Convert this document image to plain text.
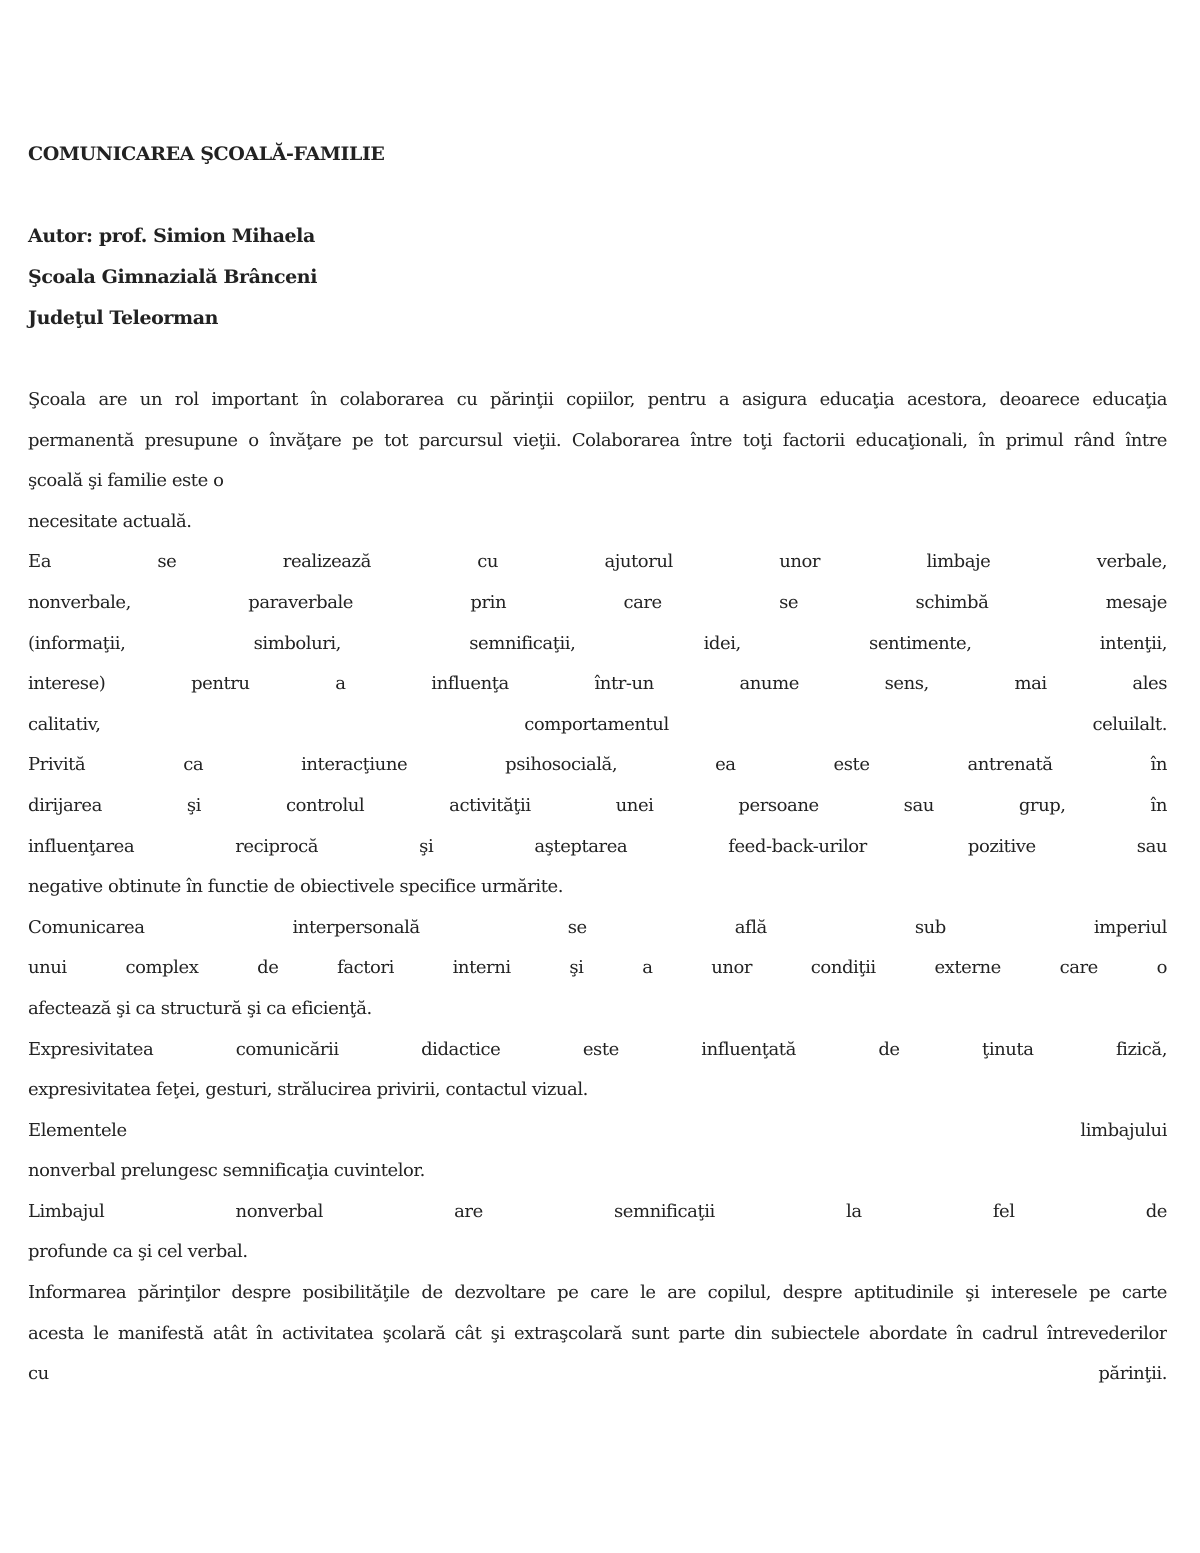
COMUNICAREA ŞCOALĂ-FAMILIE

Autor: prof. Simion Mihaela

Şcoala Gimnazială Brânceni

Judeţul Teleorman

Şcoala are un rol important în colaborarea cu părinţii copiilor, pentru a asigura educaţia acestora, deoarece educaţia
permanentă presupune o învăţare pe tot parcursul vieţii. Colaborarea între toţi factorii educaţionali, în primul rând între
şcoală şi familie este o
necesitate actuală.
Ea se realizează cu ajutorul unor limbaje verbale,
nonverbale, paraverbale prin care se schimbă mesaje
(informaţii, simboluri, semnificaţii, idei, sentimente, intenţii,
interese) pentru a influenţa într-un anume sens, mai ales
calitativ, comportamentul celuilalt.
Privită ca interacţiune psihosocială, ea este antrenată în
dirijarea şi controlul activităţii unei persoane sau grup, în
influenţarea reciprocă şi aşteptarea feed-back-urilor pozitive sau
negative obtinute în functie de obiectivele specifice urmărite.
Comunicarea interpersonală se află sub imperiul
unui complex de factori interni şi a unor condiţii externe care o
afectează şi ca structură şi ca eficienţă.
Expresivitatea comunicării didactice este influenţată de ţinuta fizică,
expresivitatea feţei, gesturi, strălucirea privirii, contactul vizual.
Elementele limbajului
nonverbal prelungesc semnificaţia cuvintelor.
Limbajul nonverbal are semnificaţii la fel de
profunde ca şi cel verbal.
Informarea părinţilor despre posibilităţile de dezvoltare pe care le are copilul, despre aptitudinile şi interesele pe carte
acesta le manifestă atât în activitatea şcolară cât şi extraşcolară sunt parte din subiectele abordate în cadrul întrevederilor
cu părinţii.
